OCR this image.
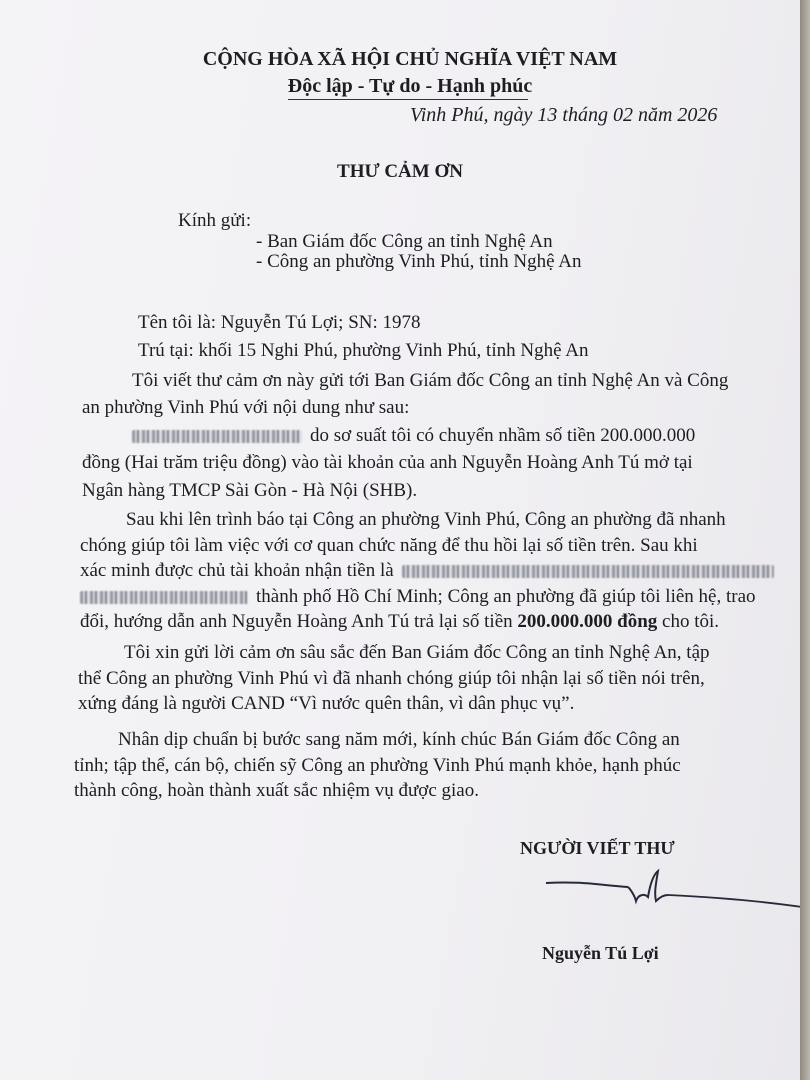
CỘNG HÒA XÃ HỘI CHỦ NGHĨA VIỆT NAM
Độc lập - Tự do - Hạnh phúc
Vinh Phú, ngày 13 tháng 02 năm 2026
THƯ CẢM ƠN
Kính gửi:
- Ban Giám đốc Công an tỉnh Nghệ An
- Công an phường Vinh Phú, tỉnh Nghệ An
Tên tôi là: Nguyễn Tú Lợi; SN: 1978
Trú tại: khối 15 Nghi Phú, phường Vinh Phú, tỉnh Nghệ An
Tôi viết thư cảm ơn này gửi tới Ban Giám đốc Công an tỉnh Nghệ An và Công
an phường Vinh Phú với nội dung như sau:
do sơ suất tôi có chuyển nhầm số tiền 200.000.000
đồng (Hai trăm triệu đồng) vào tài khoản của anh Nguyễn Hoàng Anh Tú mở tại
Ngân hàng TMCP Sài Gòn - Hà Nội (SHB).
Sau khi lên trình báo tại Công an phường Vinh Phú, Công an phường đã nhanh
chóng giúp tôi làm việc với cơ quan chức năng để thu hồi lại số tiền trên. Sau khi
xác minh được chủ tài khoản nhận tiền là
thành phố Hồ Chí Minh; Công an phường đã giúp tôi liên hệ, trao
đổi, hướng dẫn anh Nguyễn Hoàng Anh Tú trả lại số tiền 200.000.000 đồng cho tôi.
Tôi xin gửi lời cảm ơn sâu sắc đến Ban Giám đốc Công an tỉnh Nghệ An, tập
thể Công an phường Vinh Phú vì đã nhanh chóng giúp tôi nhận lại số tiền nói trên,
xứng đáng là người CAND “Vì nước quên thân, vì dân phục vụ”.
Nhân dịp chuẩn bị bước sang năm mới, kính chúc Bán Giám đốc Công an
tỉnh; tập thể, cán bộ, chiến sỹ Công an phường Vinh Phú mạnh khỏe, hạnh phúc
thành công, hoàn thành xuất sắc nhiệm vụ được giao.
NGƯỜI VIẾT THƯ
Nguyễn Tú Lợi
